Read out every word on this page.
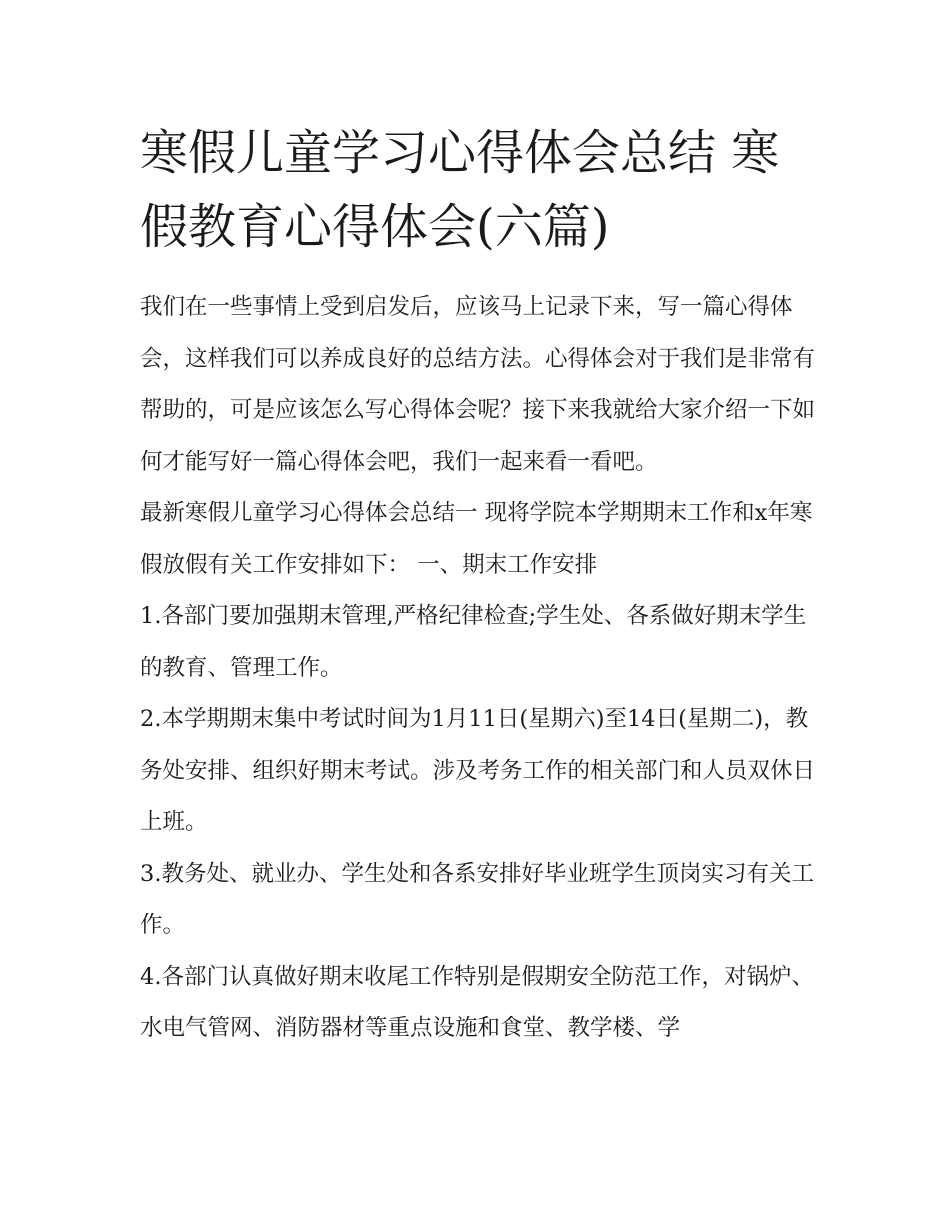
寒假儿童学习心得体会总结 寒假教育心得体会(六篇)

我们在一些事情上受到启发后，应该马上记录下来，写一篇心得体会，这样我们可以养成良好的总结方法。心得体会对于我们是非常有帮助的，可是应该怎么写心得体会呢？接下来我就给大家介绍一下如何才能写好一篇心得体会吧，我们一起来看一看吧。

最新寒假儿童学习心得体会总结一 现将学院本学期期末工作和x年寒假放假有关工作安排如下： 一、期末工作安排

1.各部门要加强期末管理,严格纪律检查;学生处、各系做好期末学生的教育、管理工作。

2.本学期期末集中考试时间为1月11日(星期六)至14日(星期二)，教务处安排、组织好期末考试。涉及考务工作的相关部门和人员双休日上班。

3.教务处、就业办、学生处和各系安排好毕业班学生顶岗实习有关工作。

4.各部门认真做好期末收尾工作特别是假期安全防范工作，对锅炉、水电气管网、消防器材等重点设施和食堂、教学楼、学
